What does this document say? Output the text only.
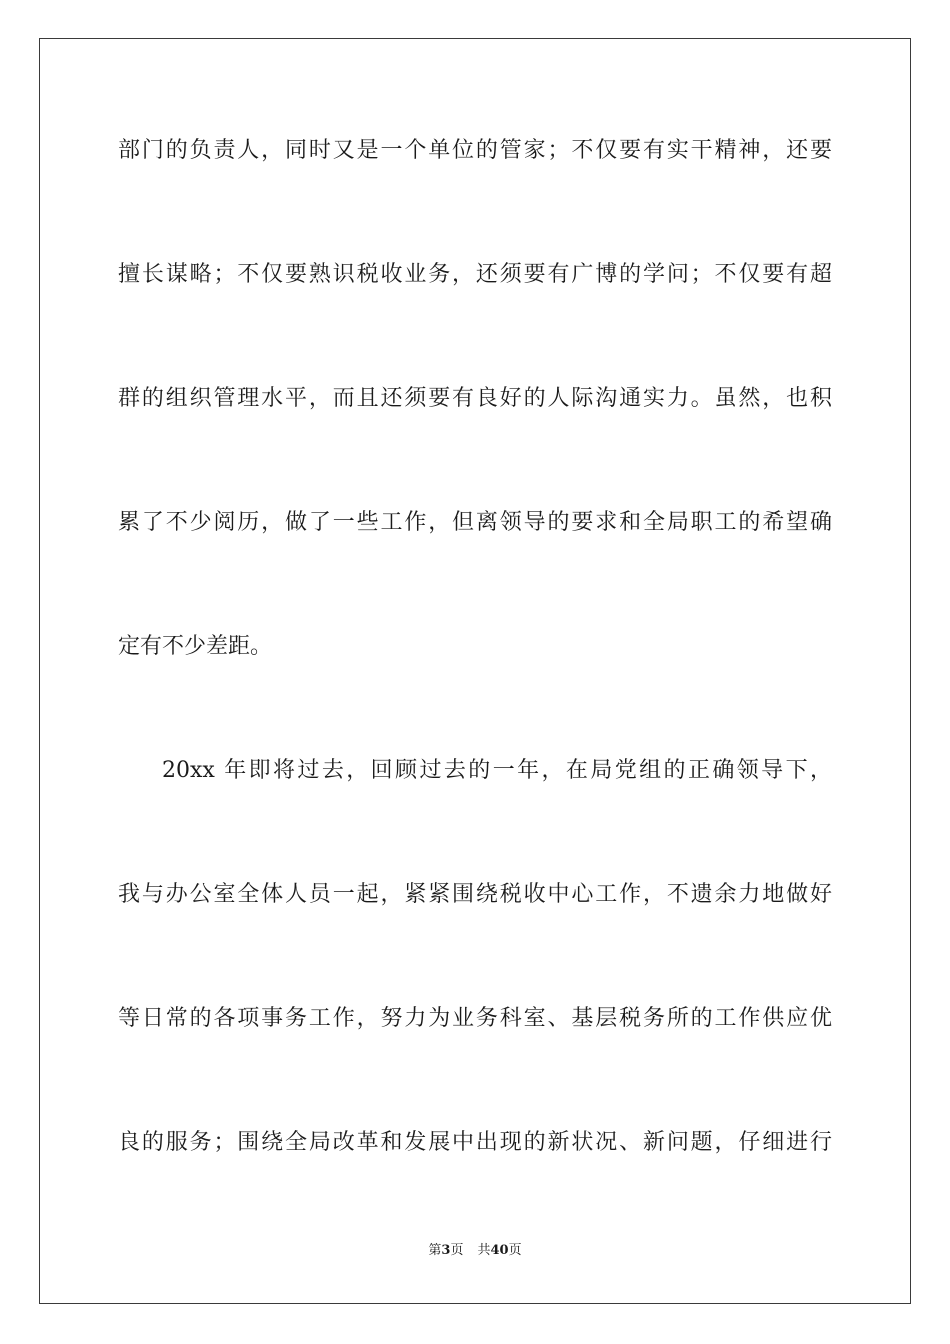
部门的负责人，同时又是一个单位的管家；不仅要有实干精神，还要
擅长谋略；不仅要熟识税收业务，还须要有广博的学问；不仅要有超
群的组织管理水平，而且还须要有良好的人际沟通实力。虽然，也积
累了不少阅历，做了一些工作，但离领导的要求和全局职工的希望确
定有不少差距。
20xx 年即将过去，回顾过去的一年，在局党组的正确领导下，
我与办公室全体人员一起，紧紧围绕税收中心工作，不遗余力地做好
等日常的各项事务工作，努力为业务科室、基层税务所的工作供应优
良的服务；围绕全局改革和发展中出现的新状况、新问题，仔细进行
第3页 共40页
